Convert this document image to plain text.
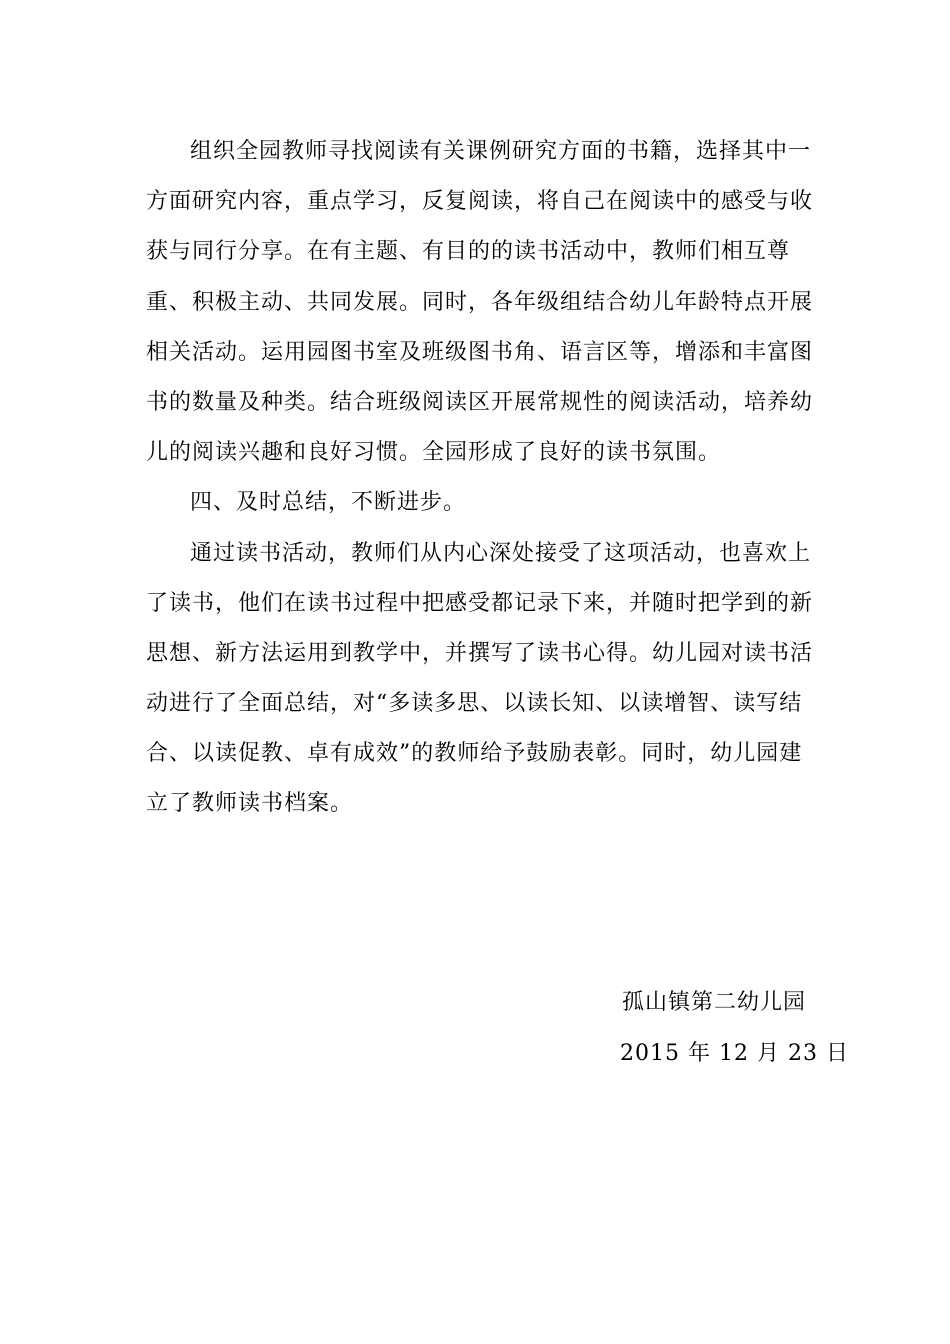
组织全园教师寻找阅读有关课例研究方面的书籍，选择其中一
方面研究内容，重点学习，反复阅读，将自己在阅读中的感受与收
获与同行分享。在有主题、有目的的读书活动中，教师们相互尊
重、积极主动、共同发展。同时，各年级组结合幼儿年龄特点开展
相关活动。运用园图书室及班级图书角、语言区等，增添和丰富图
书的数量及种类。结合班级阅读区开展常规性的阅读活动，培养幼
儿的阅读兴趣和良好习惯。全园形成了良好的读书氛围。
四、及时总结，不断进步。
通过读书活动，教师们从内心深处接受了这项活动，也喜欢上
了读书，他们在读书过程中把感受都记录下来，并随时把学到的新
思想、新方法运用到教学中，并撰写了读书心得。幼儿园对读书活
动进行了全面总结，对“多读多思、以读长知、以读增智、读写结
合、以读促教、卓有成效”的教师给予鼓励表彰。同时，幼儿园建
立了教师读书档案。
孤山镇第二幼儿园
2015 年 12 月 23 日
